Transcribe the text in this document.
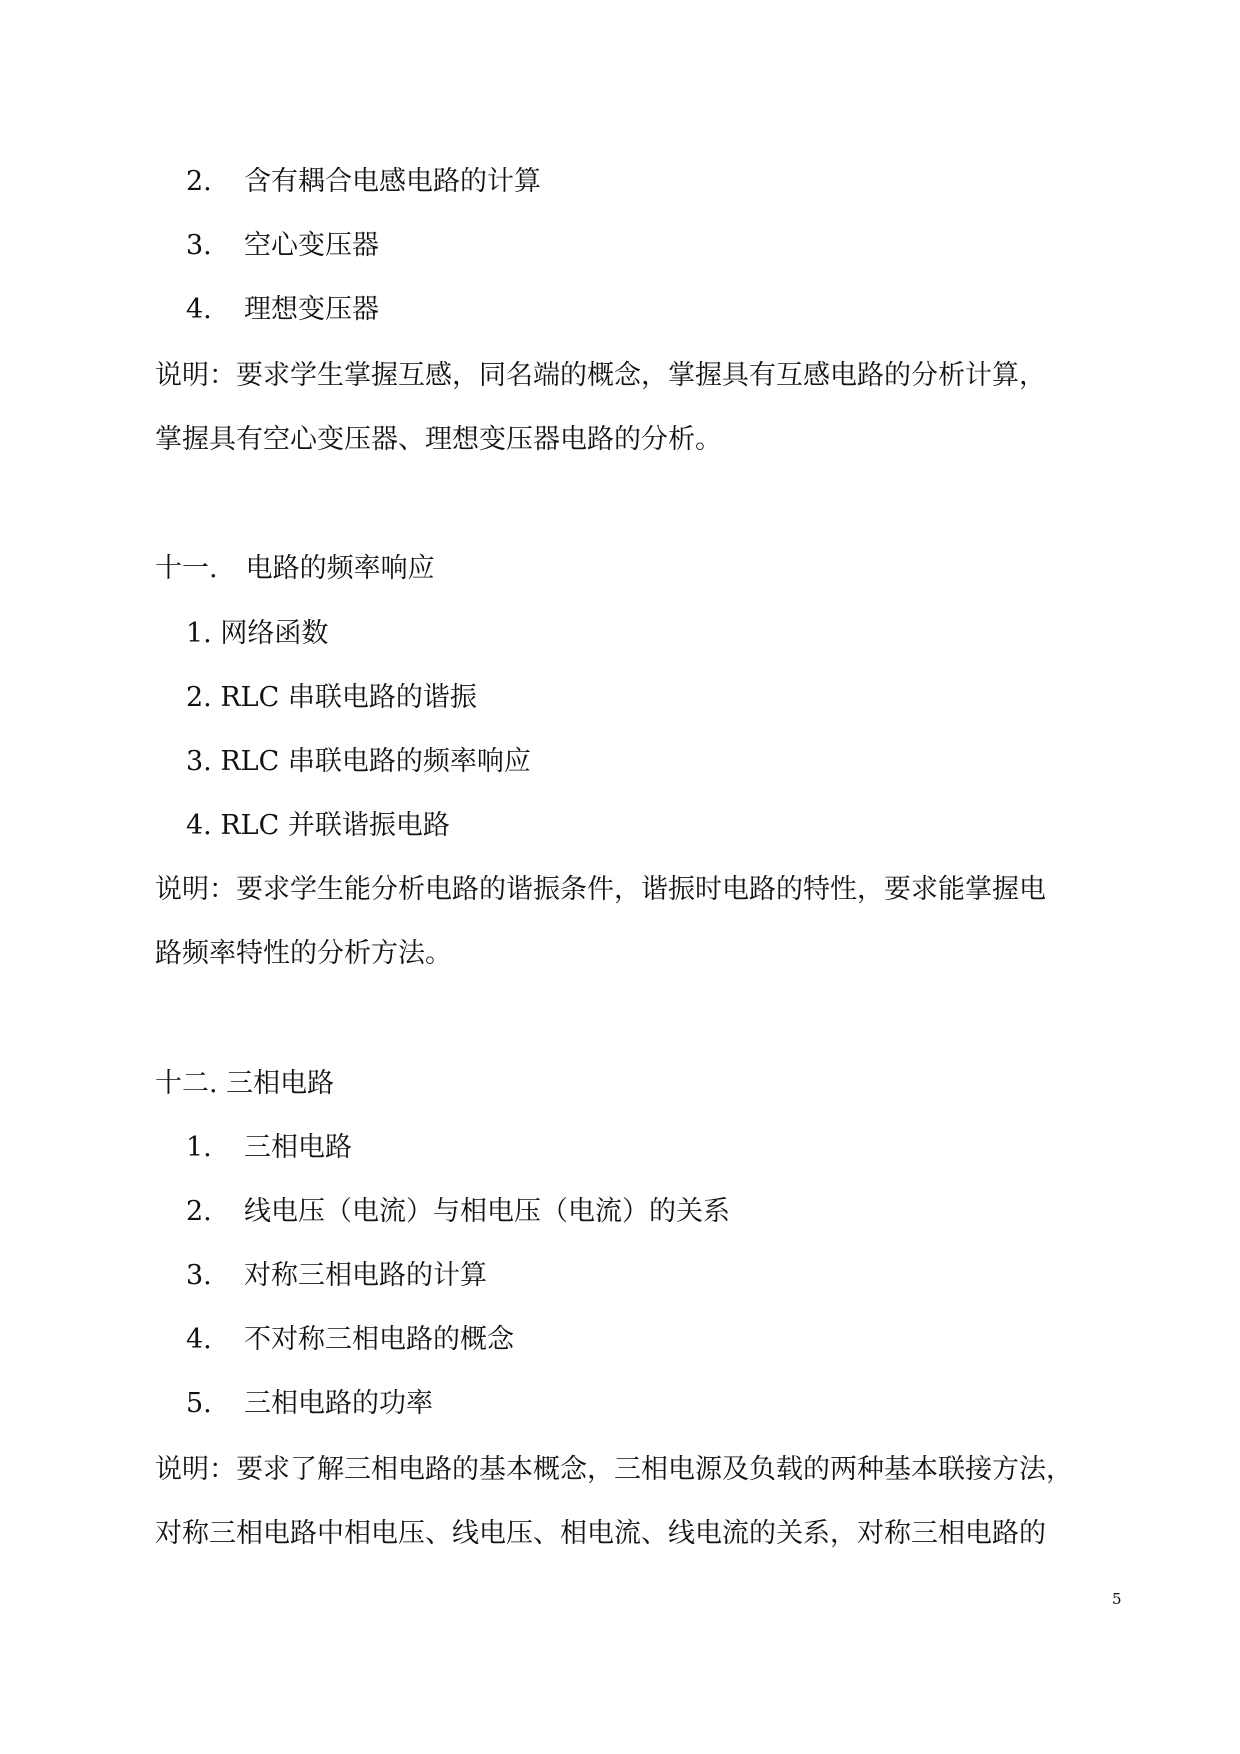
2. 含有耦合电感电路的计算
3. 空心变压器
4. 理想变压器
说明：要求学生掌握互感，同名端的概念，掌握具有互感电路的分析计算，
掌握具有空心变压器、理想变压器电路的分析。
十一. 电路的频率响应
1. 网络函数
2. RLC 串联电路的谐振
3. RLC 串联电路的频率响应
4. RLC 并联谐振电路
说明：要求学生能分析电路的谐振条件，谐振时电路的特性，要求能掌握电
路频率特性的分析方法。
十二. 三相电路
1. 三相电路
2. 线电压（电流）与相电压（电流）的关系
3. 对称三相电路的计算
4. 不对称三相电路的概念
5. 三相电路的功率
说明：要求了解三相电路的基本概念，三相电源及负载的两种基本联接方法，
对称三相电路中相电压、线电压、相电流、线电流的关系，对称三相电路的
5
